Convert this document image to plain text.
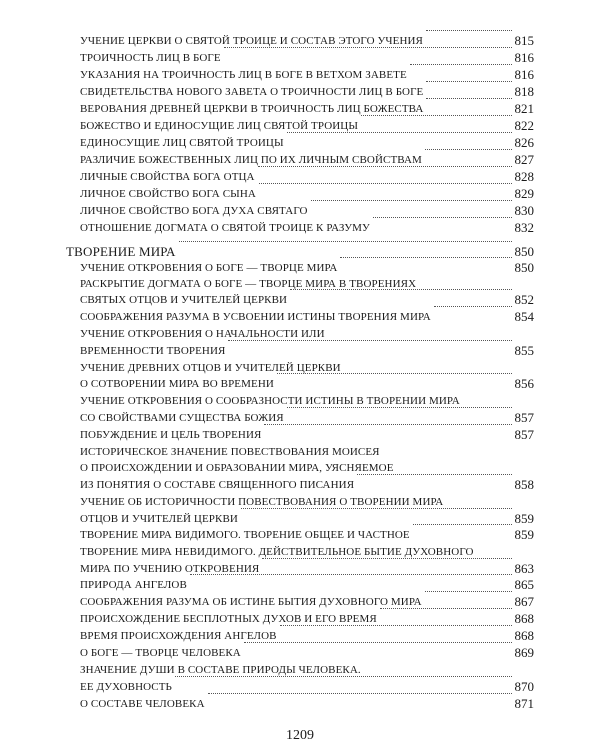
УЧЕНИЕ ЦЕРКВИ О СВЯТОЙ ТРОИЦЕ И СОСТАВ ЭТОГО УЧЕНИЯ	815
ТРОИЧНОСТЬ ЛИЦ В БОГЕ	816
УКАЗАНИЯ НА ТРОИЧНОСТЬ ЛИЦ В БОГЕ В ВЕТХОМ ЗАВЕТЕ	816
СВИДЕТЕЛЬСТВА НОВОГО ЗАВЕТА О ТРОИЧНОСТИ ЛИЦ В БОГЕ	818
ВЕРОВАНИЯ ДРЕВНЕЙ ЦЕРКВИ В ТРОИЧНОСТЬ ЛИЦ БОЖЕСТВА	821
БОЖЕСТВО И ЕДИНОСУЩИЕ ЛИЦ СВЯТОЙ ТРОИЦЫ	822
ЕДИНОСУЩИЕ ЛИЦ СВЯТОЙ ТРОИЦЫ	826
РАЗЛИЧИЕ БОЖЕСТВЕННЫХ ЛИЦ ПО ИХ ЛИЧНЫМ СВОЙСТВАМ	827
ЛИЧНЫЕ СВОЙСТВА БОГА ОТЦА	828
ЛИЧНОЕ СВОЙСТВО БОГА СЫНА	829
ЛИЧНОЕ СВОЙСТВО БОГА ДУХА СВЯТАГО	830
ОТНОШЕНИЕ ДОГМАТА О СВЯТОЙ ТРОИЦЕ К РАЗУМУ	832
ТВОРЕНИЕ МИРА	850
УЧЕНИЕ ОТКРОВЕНИЯ О БОГЕ — ТВОРЦЕ МИРА	850
РАСКРЫТИЕ ДОГМАТА О БОГЕ — ТВОРЦЕ МИРА В ТВОРЕНИЯХ
СВЯТЫХ ОТЦОВ И УЧИТЕЛЕЙ ЦЕРКВИ	852
СООБРАЖЕНИЯ РАЗУМА В УСВОЕНИИ ИСТИНЫ ТВОРЕНИЯ МИРА	854
УЧЕНИЕ ОТКРОВЕНИЯ О НАЧАЛЬНОСТИ ИЛИ
ВРЕМЕННОСТИ ТВОРЕНИЯ	855
УЧЕНИЕ ДРЕВНИХ ОТЦОВ И УЧИТЕЛЕЙ ЦЕРКВИ
О СОТВОРЕНИИ МИРА ВО ВРЕМЕНИ	856
УЧЕНИЕ ОТКРОВЕНИЯ О СООБРАЗНОСТИ ИСТИНЫ В ТВОРЕНИИ МИРА
СО СВОЙСТВАМИ СУЩЕСТВА БОЖИЯ	857
ПОБУЖДЕНИЕ И ЦЕЛЬ ТВОРЕНИЯ	857
ИСТОРИЧЕСКОЕ ЗНАЧЕНИЕ ПОВЕСТВОВАНИЯ МОИСЕЯ
О ПРОИСХОЖДЕНИИ И ОБРАЗОВАНИИ МИРА, УЯСНЯЕМОЕ
ИЗ ПОНЯТИЯ О СОСТАВЕ СВЯЩЕННОГО ПИСАНИЯ	858
УЧЕНИЕ ОБ ИСТОРИЧНОСТИ ПОВЕСТВОВАНИЯ О ТВОРЕНИИ МИРА
ОТЦОВ И УЧИТЕЛЕЙ ЦЕРКВИ	859
ТВОРЕНИЕ МИРА ВИДИМОГО. ТВОРЕНИЕ ОБЩЕЕ И ЧАСТНОЕ	859
ТВОРЕНИЕ МИРА НЕВИДИМОГО. ДЕЙСТВИТЕЛЬНОЕ БЫТИЕ ДУХОВНОГО
МИРА ПО УЧЕНИЮ ОТКРОВЕНИЯ	863
ПРИРОДА АНГЕЛОВ	865
СООБРАЖЕНИЯ РАЗУМА ОБ ИСТИНЕ БЫТИЯ ДУХОВНОГО МИРА	867
ПРОИСХОЖДЕНИЕ БЕСПЛОТНЫХ ДУХОВ И ЕГО ВРЕМЯ	868
ВРЕМЯ ПРОИСХОЖДЕНИЯ АНГЕЛОВ	868
О БОГЕ — ТВОРЦЕ ЧЕЛОВЕКА	869
ЗНАЧЕНИЕ ДУШИ В СОСТАВЕ ПРИРОДЫ ЧЕЛОВЕКА.
ЕЕ ДУХОВНОСТЬ	870
О СОСТАВЕ ЧЕЛОВЕКА	871
1209
